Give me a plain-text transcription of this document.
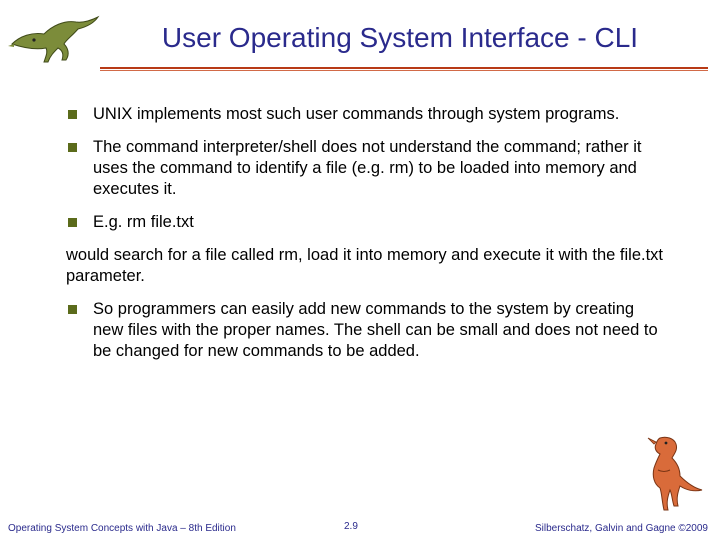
User Operating System Interface - CLI
UNIX implements most such user commands through system programs.
The command interpreter/shell does not understand the command; rather it uses the command to identify a file (e.g. rm) to be loaded into memory and executes it.
E.g. rm file.txt
would search for a file called rm, load it into memory and execute it with the file.txt parameter.
So programmers can easily add new commands to the system by creating new files with the proper names. The shell can be small and does not need to be changed for new commands to be added.
Operating System Concepts with Java – 8th Edition	2.9	Silberschatz, Galvin and Gagne ©2009
